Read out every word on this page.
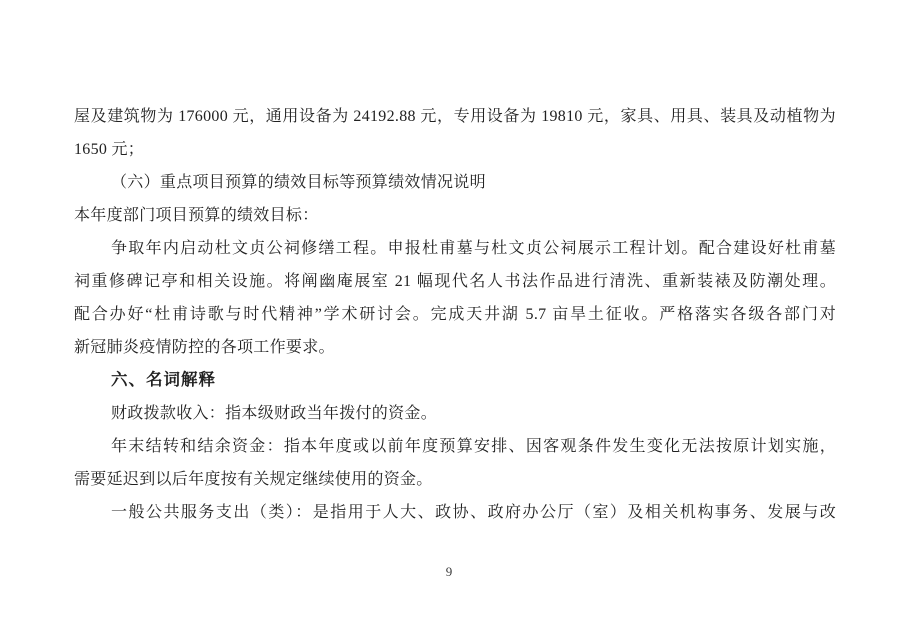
屋及建筑物为 176000 元，通用设备为 24192.88 元，专用设备为 19810 元，家具、用具、装具及动植物为
1650 元；
（六）重点项目预算的绩效目标等预算绩效情况说明
本年度部门项目预算的绩效目标：
争取年内启动杜文贞公祠修缮工程。申报杜甫墓与杜文贞公祠展示工程计划。配合建设好杜甫墓
祠重修碑记亭和相关设施。将阐幽庵展室 21 幅现代名人书法作品进行清洗、重新装裱及防潮处理。
配合办好“杜甫诗歌与时代精神”学术研讨会。完成天井湖 5.7 亩旱土征收。严格落实各级各部门对
新冠肺炎疫情防控的各项工作要求。
六、名词解释
财政拨款收入：指本级财政当年拨付的资金。
年末结转和结余资金：指本年度或以前年度预算安排、因客观条件发生变化无法按原计划实施，
需要延迟到以后年度按有关规定继续使用的资金。
一般公共服务支出（类）：是指用于人大、政协、政府办公厅（室）及相关机构事务、发展与改
9
